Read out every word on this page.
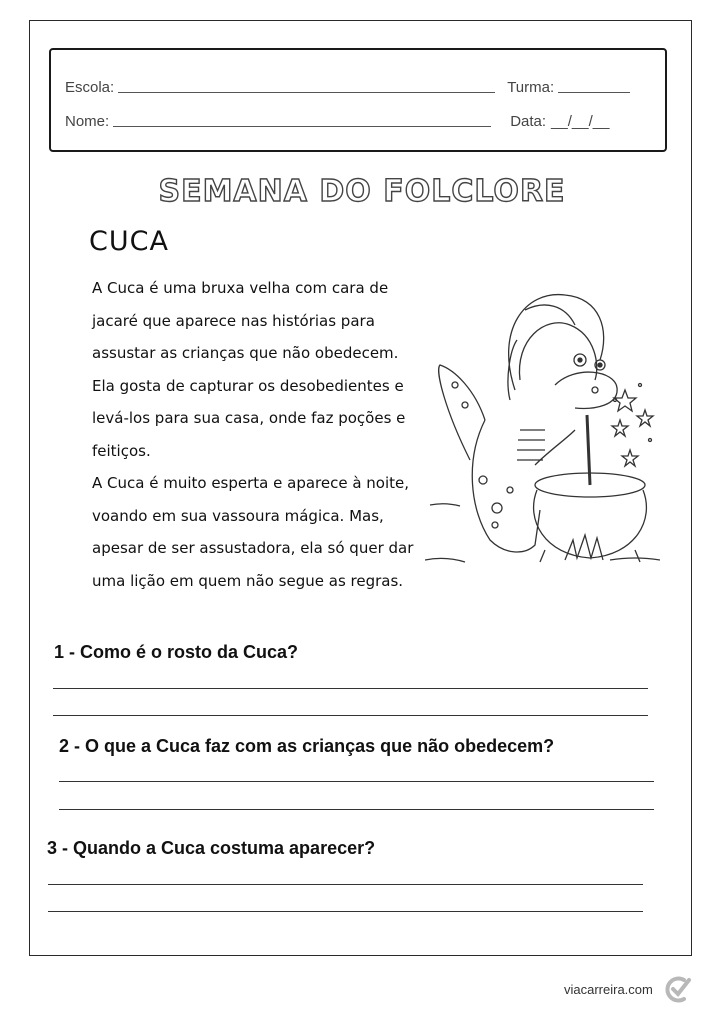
Escola:	Turma:
Nome:	Data: __/__/__
SEMANA DO FOLCLORE
CUCA

A Cuca é uma bruxa velha com cara de jacaré que aparece nas histórias para assustar as crianças que não obedecem. Ela gosta de capturar os desobedientes e levá-los para sua casa, onde faz poções e feitiços.

A Cuca é muito esperta e aparece à noite, voando em sua vassoura mágica. Mas, apesar de ser assustadora, ela só quer dar uma lição em quem não segue as regras.

1 - Como é o rosto da Cuca?
2 - O que a Cuca faz com as crianças que não obedecem?
3 - Quando a Cuca costuma aparecer?
viacarreira.com
